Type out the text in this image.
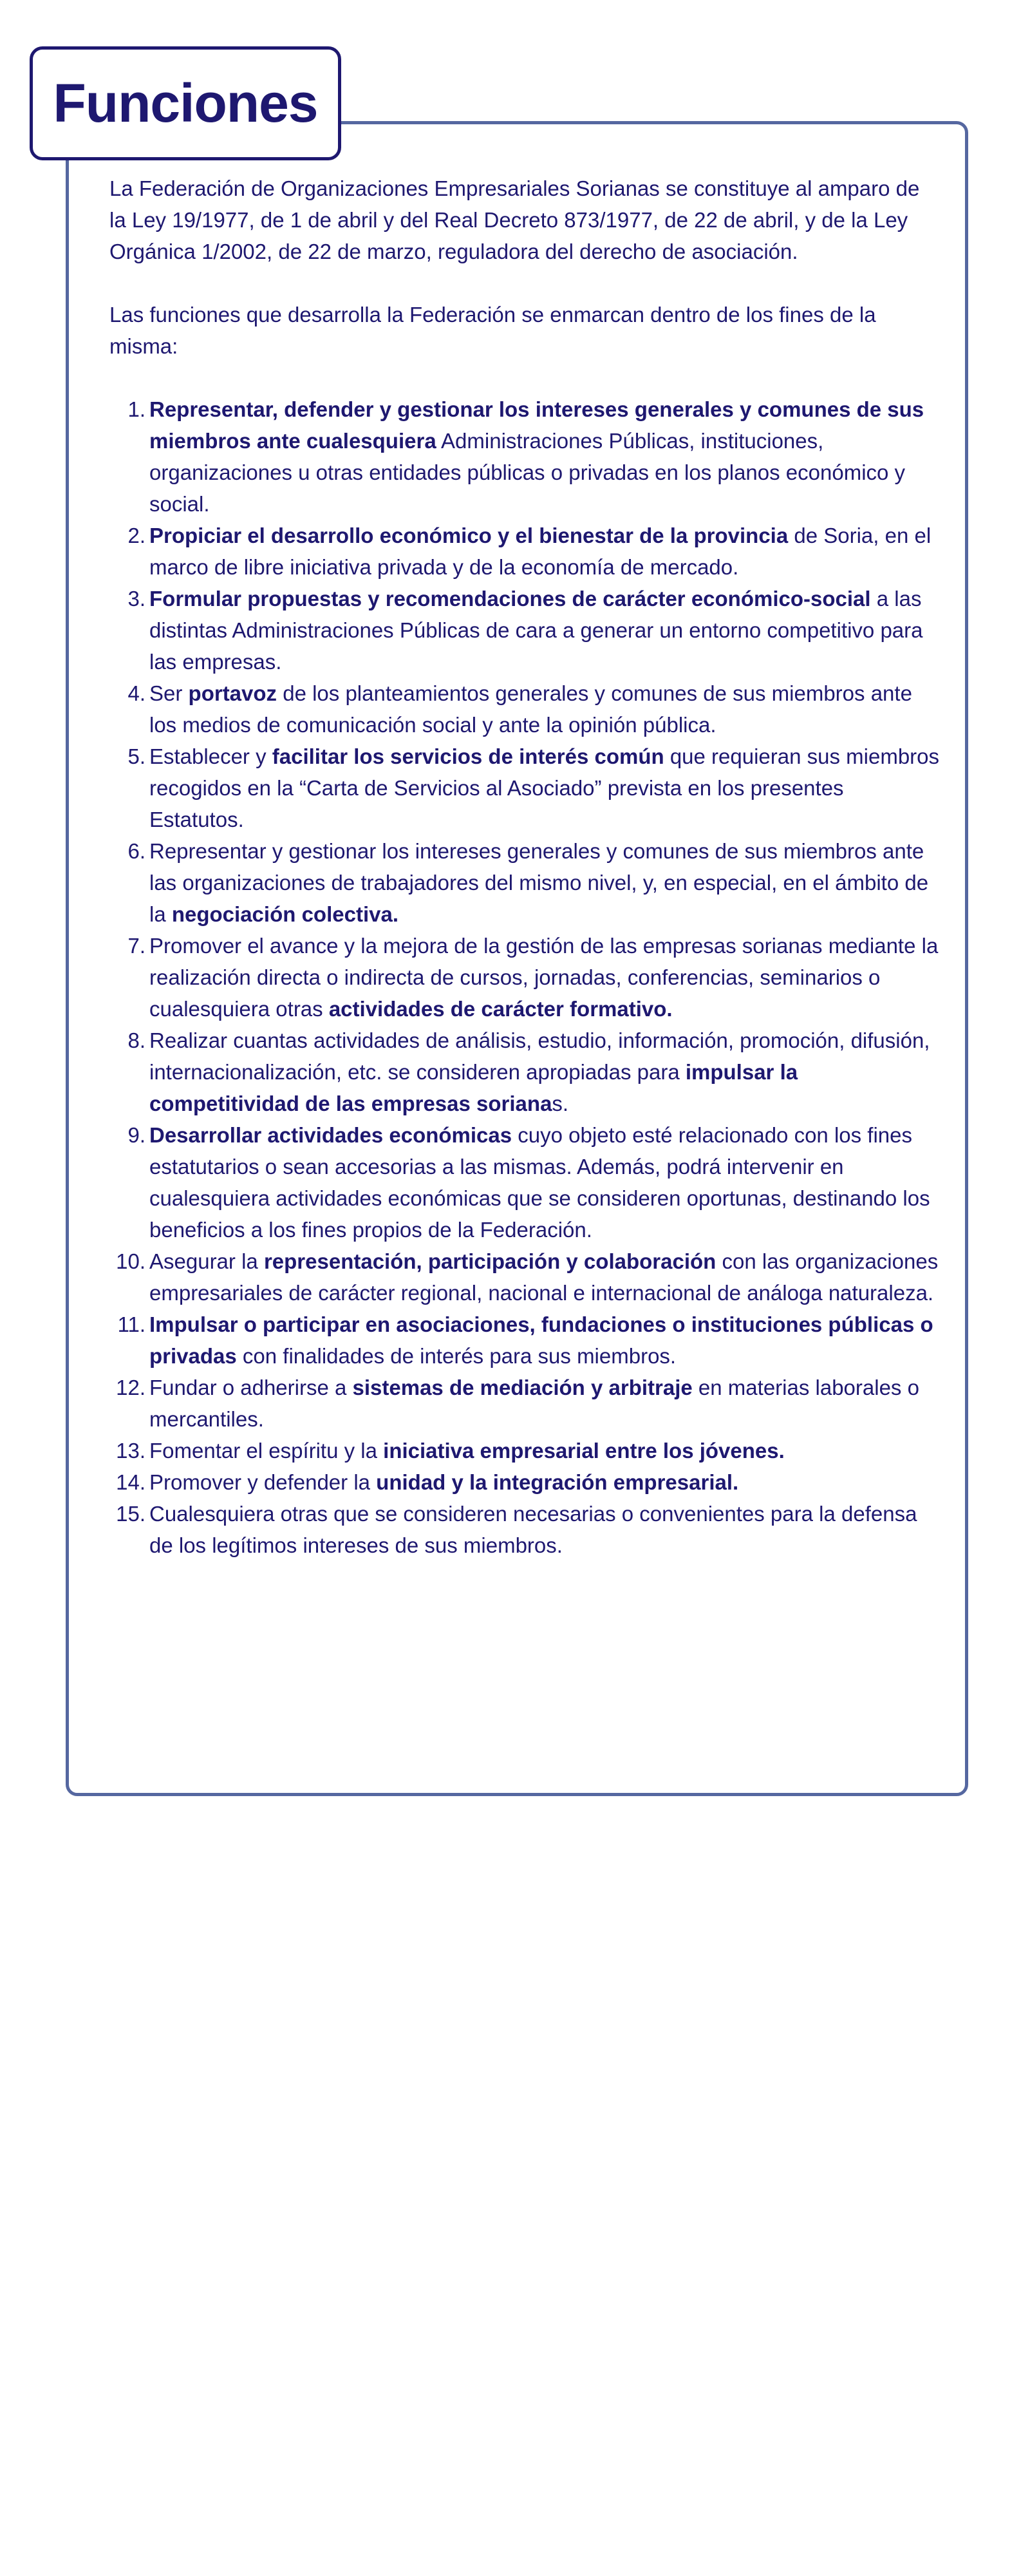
Funciones

La Federación de Organizaciones Empresariales Sorianas se constituye al amparo de la Ley 19/1977, de 1 de abril y del Real Decreto 873/1977, de 22 de abril, y de la Ley Orgánica 1/2002, de 22 de marzo, reguladora del derecho de asociación.

Las funciones que desarrolla la Federación se enmarcan dentro de los fines de la misma:

1. Representar, defender y gestionar los intereses generales y comunes de sus miembros ante cualesquiera Administraciones Públicas, instituciones, organizaciones u otras entidades públicas o privadas en los planos económico y social.
2. Propiciar el desarrollo económico y el bienestar de la provincia de Soria, en el marco de libre iniciativa privada y de la economía de mercado.
3. Formular propuestas y recomendaciones de carácter económico-social a las distintas Administraciones Públicas de cara a generar un entorno competitivo para las empresas.
4. Ser portavoz de los planteamientos generales y comunes de sus miembros ante los medios de comunicación social y ante la opinión pública.
5. Establecer y facilitar los servicios de interés común que requieran sus miembros recogidos en la “Carta de Servicios al Asociado” prevista en los presentes Estatutos.
6. Representar y gestionar los intereses generales y comunes de sus miembros ante las organizaciones de trabajadores del mismo nivel, y, en especial, en el ámbito de la negociación colectiva.
7. Promover el avance y la mejora de la gestión de las empresas sorianas mediante la realización directa o indirecta de cursos, jornadas, conferencias, seminarios o cualesquiera otras actividades de carácter formativo.
8. Realizar cuantas actividades de análisis, estudio, información, promoción, difusión, internacionalización, etc. se consideren apropiadas para impulsar la competitividad de las empresas sorianas.
9. Desarrollar actividades económicas cuyo objeto esté relacionado con los fines estatutarios o sean accesorias a las mismas. Además, podrá intervenir en cualesquiera actividades económicas que se consideren oportunas, destinando los beneficios a los fines propios de la Federación.
10. Asegurar la representación, participación y colaboración con las organizaciones empresariales de carácter regional, nacional e internacional de análoga naturaleza.
11. Impulsar o participar en asociaciones, fundaciones o instituciones públicas o privadas con finalidades de interés para sus miembros.
12. Fundar o adherirse a sistemas de mediación y arbitraje en materias laborales o mercantiles.
13. Fomentar el espíritu y la iniciativa empresarial entre los jóvenes.
14. Promover y defender la unidad y la integración empresarial.
15. Cualesquiera otras que se consideren necesarias o convenientes para la defensa de los legítimos intereses de sus miembros.
